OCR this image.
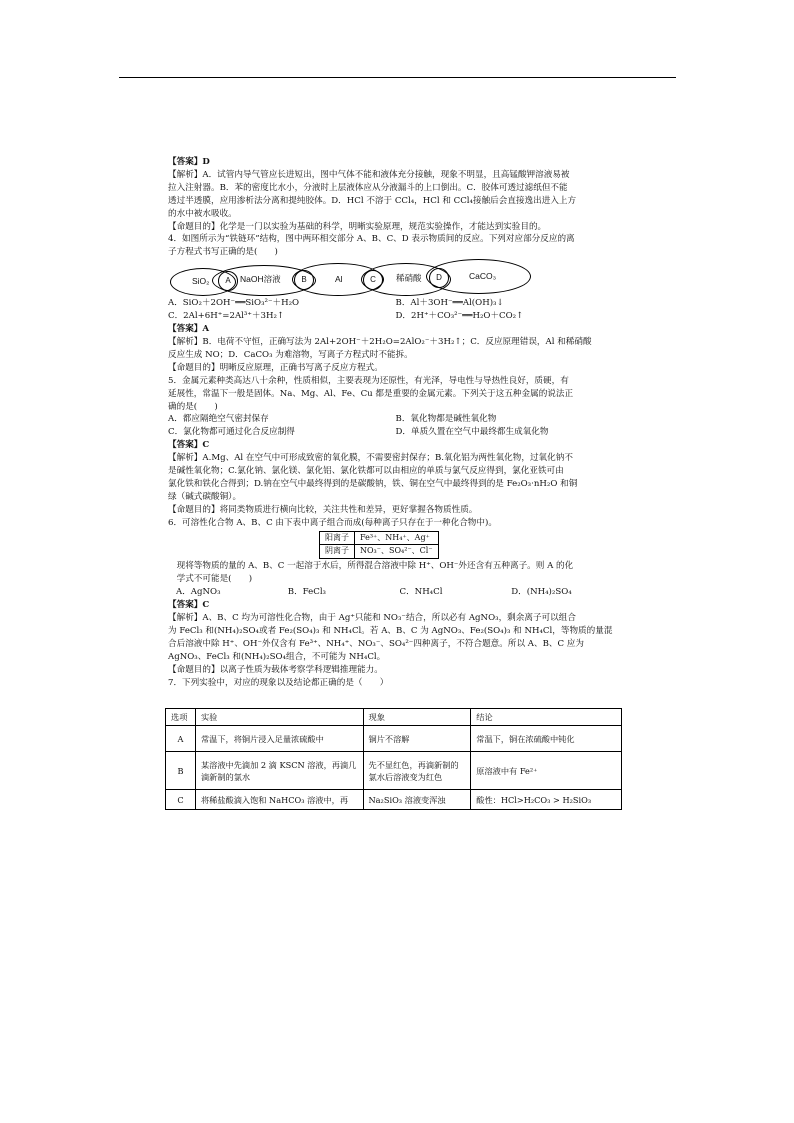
【答案】D

【解析】A．试管内导气管应长进短出，图中气体不能和液体充分接触，现象不明显，且高锰酸钾溶液易被

拉入注射器。B．苯的密度比水小，分液时上层液体应从分液漏斗的上口倒出。C．胶体可透过滤纸但不能

透过半透膜，应用渗析法分离和提纯胶体。D．HCl 不溶于 CCl₄，HCl 和 CCl₄接触后会直接逸出进入上方

的水中被水吸收。

【命题目的】化学是一门以实验为基础的科学，明晰实验原理，规范实验操作，才能达到实验目的。

4．如图所示为“铁链环”结构，图中两环相交部分 A、B、C、D 表示物质间的反应。下列对应部分反应的离

子方程式书写正确的是(　　)

SiO₂	NaOH溶液	Al	稀硝酸	CaCO₃
A	B	C	D
A．SiO₂＋2OH⁻══SiO₃²⁻＋H₂O	B．Al＋3OH⁻══Al(OH)₃↓
C．2Al+6H⁺=2Al³⁺＋3H₂↑	D．2H⁺＋CO₃²⁻══H₂O＋CO₂↑

【答案】A

【解析】B．电荷不守恒，正确写法为 2Al+2OH⁻＋2H₂O=2AlO₂⁻＋3H₂↑；C．反应原理错误，Al 和稀硝酸

反应生成 NO；D．CaCO₃ 为难溶物，写离子方程式时不能拆。

【命题目的】明晰反应原理，正确书写离子反应方程式。

5．金属元素种类高达八十余种，性质相似，主要表现为还原性，有光泽，导电性与导热性良好，质硬，有

延展性，常温下一般是固体。Na、Mg、Al、Fe、Cu 都是重要的金属元素。下列关于这五种金属的说法正

确的是(　　)

A．都应隔绝空气密封保存	B．氧化物都是碱性氧化物
C．氯化物都可通过化合反应制得	D．单质久置在空气中最终都生成氧化物

【答案】C

【解析】A.Mg、Al 在空气中可形成致密的氧化膜，不需要密封保存；B.氧化铝为两性氧化物，过氧化钠不

是碱性氧化物；C.氯化钠、氯化镁、氯化铝、氯化铁都可以由相应的单质与氯气反应得到，氯化亚铁可由

氯化铁和铁化合得到；D.钠在空气中最终得到的是碳酸钠，铁、铜在空气中最终得到的是 Fe₂O₃·nH₂O 和铜

绿（碱式碳酸铜）。

【命题目的】将同类物质进行横向比较，关注共性和差异，更好掌握各物质性质。

6．可溶性化合物 A、B、C 由下表中离子组合而成(每种离子只存在于一种化合物中)。

阳离子	Fe³⁺、NH₄⁺、Ag⁺
阴离子	NO₃⁻、SO₄²⁻、Cl⁻

　现将等物质的量的 A、B、C 一起溶于水后，所得混合溶液中除 H⁺、OH⁻外还含有五种离子。则 A 的化

　学式不可能是(　　)

A．AgNO₃	B．FeCl₃	C．NH₄Cl	D．(NH₄)₂SO₄

【答案】C

【解析】A、B、C 均为可溶性化合物，由于 Ag⁺只能和 NO₃⁻结合，所以必有 AgNO₃，剩余离子可以组合

为 FeCl₃ 和(NH₄)₂SO₄或者 Fe₂(SO₄)₃ 和 NH₄Cl。若 A、B、C 为 AgNO₃、Fe₂(SO₄)₃ 和 NH₄Cl，等物质的量混

合后溶液中除 H⁺、OH⁻外仅含有 Fe³⁺、NH₄⁺、NO₃⁻、SO₄²⁻四种离子，不符合题意。所以 A、B、C 应为

AgNO₃、FeCl₃ 和(NH₄)₂SO₄组合，不可能为 NH₄Cl。

【命题目的】以离子性质为载体考察学科逻辑推理能力。

7．下列实验中，对应的现象以及结论都正确的是（　　）

选项	实验	现象	结论
A	常温下，将铜片浸入足量浓硫酸中	铜片不溶解	常温下，铜在浓硫酸中钝化
B	某溶液中先滴加 2 滴 KSCN 溶液，再滴几滴新制的氯水	先不显红色，再滴新制的氯水后溶液变为红色	原溶液中有 Fe²⁺
C	将稀盐酸滴入饱和 NaHCO₃ 溶液中，再	Na₂SiO₃ 溶液变浑浊	酸性：HCl>H₂CO₃ > H₂SiO₃
